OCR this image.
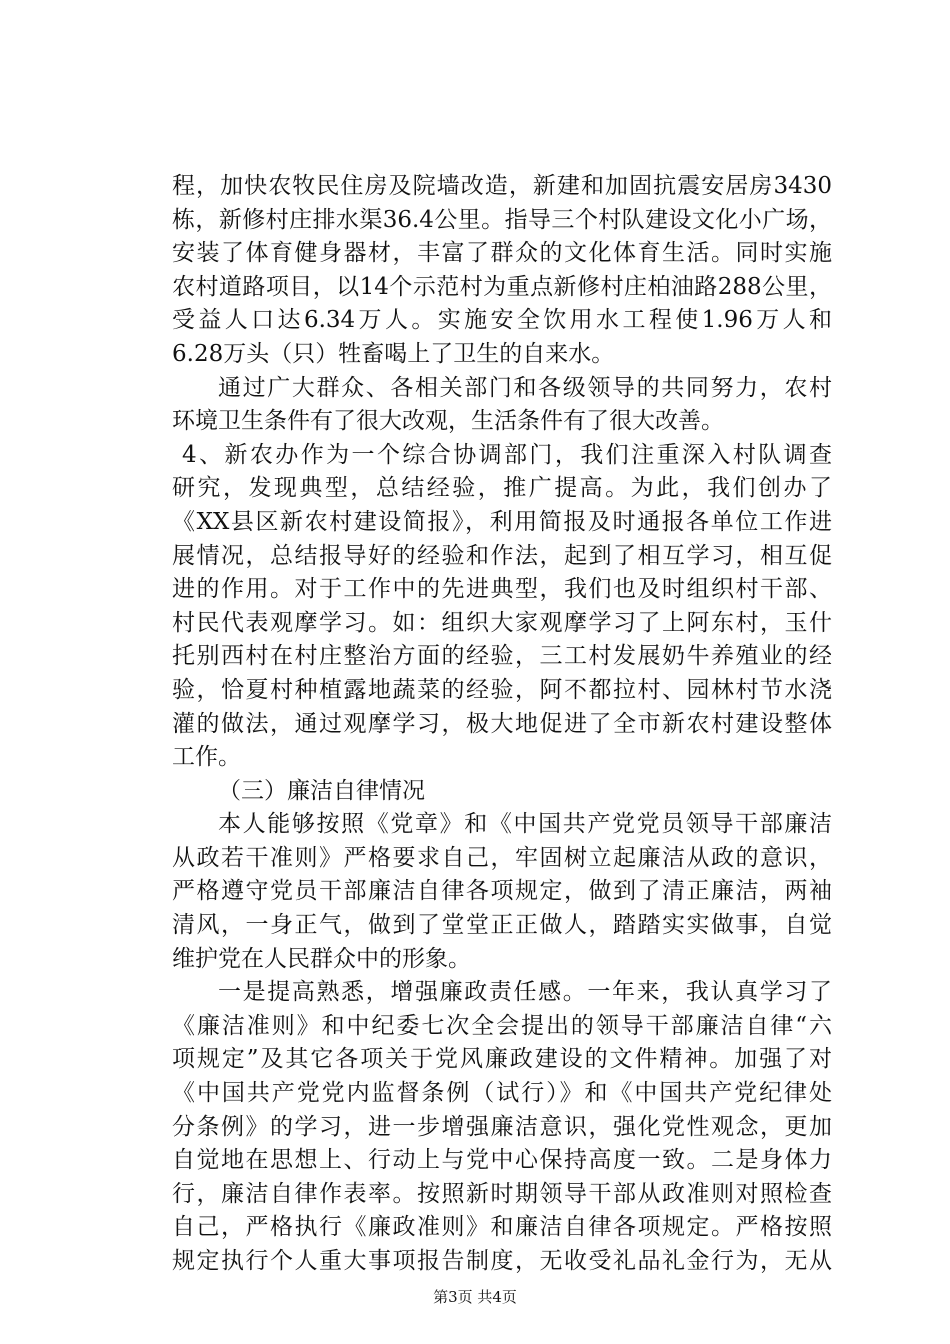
程，加快农牧民住房及院墙改造，新建和加固抗震安居房3430
栋，新修村庄排水渠36.4公里。指导三个村队建设文化小广场，
安装了体育健身器材，丰富了群众的文化体育生活。同时实施
农村道路项目，以14个示范村为重点新修村庄柏油路288公里，
受益人口达6.34万人。实施安全饮用水工程使1.96万人和
6.28万头（只）牲畜喝上了卫生的自来水。
通过广大群众、各相关部门和各级领导的共同努力，农村
环境卫生条件有了很大改观，生活条件有了很大改善。
4、新农办作为一个综合协调部门，我们注重深入村队调查
研究，发现典型，总结经验，推广提高。为此，我们创办了
《XX县区新农村建设简报》，利用简报及时通报各单位工作进
展情况，总结报导好的经验和作法，起到了相互学习，相互促
进的作用。对于工作中的先进典型，我们也及时组织村干部、
村民代表观摩学习。如：组织大家观摩学习了上阿东村，玉什
托别西村在村庄整治方面的经验，三工村发展奶牛养殖业的经
验，恰夏村种植露地蔬菜的经验，阿不都拉村、园林村节水浇
灌的做法，通过观摩学习，极大地促进了全市新农村建设整体
工作。
（三）廉洁自律情况
本人能够按照《党章》和《中国共产党党员领导干部廉洁
从政若干准则》严格要求自己，牢固树立起廉洁从政的意识，
严格遵守党员干部廉洁自律各项规定，做到了清正廉洁，两袖
清风，一身正气，做到了堂堂正正做人，踏踏实实做事，自觉
维护党在人民群众中的形象。
一是提高熟悉，增强廉政责任感。一年来，我认真学习了
《廉洁准则》和中纪委七次全会提出的领导干部廉洁自律“六
项规定”及其它各项关于党风廉政建设的文件精神。加强了对
《中国共产党党内监督条例（试行）》和《中国共产党纪律处
分条例》的学习，进一步增强廉洁意识，强化党性观念，更加
自觉地在思想上、行动上与党中心保持高度一致。二是身体力
行，廉洁自律作表率。按照新时期领导干部从政准则对照检查
自己，严格执行《廉政准则》和廉洁自律各项规定。严格按照
规定执行个人重大事项报告制度，无收受礼品礼金行为，无从
第3页 共4页
